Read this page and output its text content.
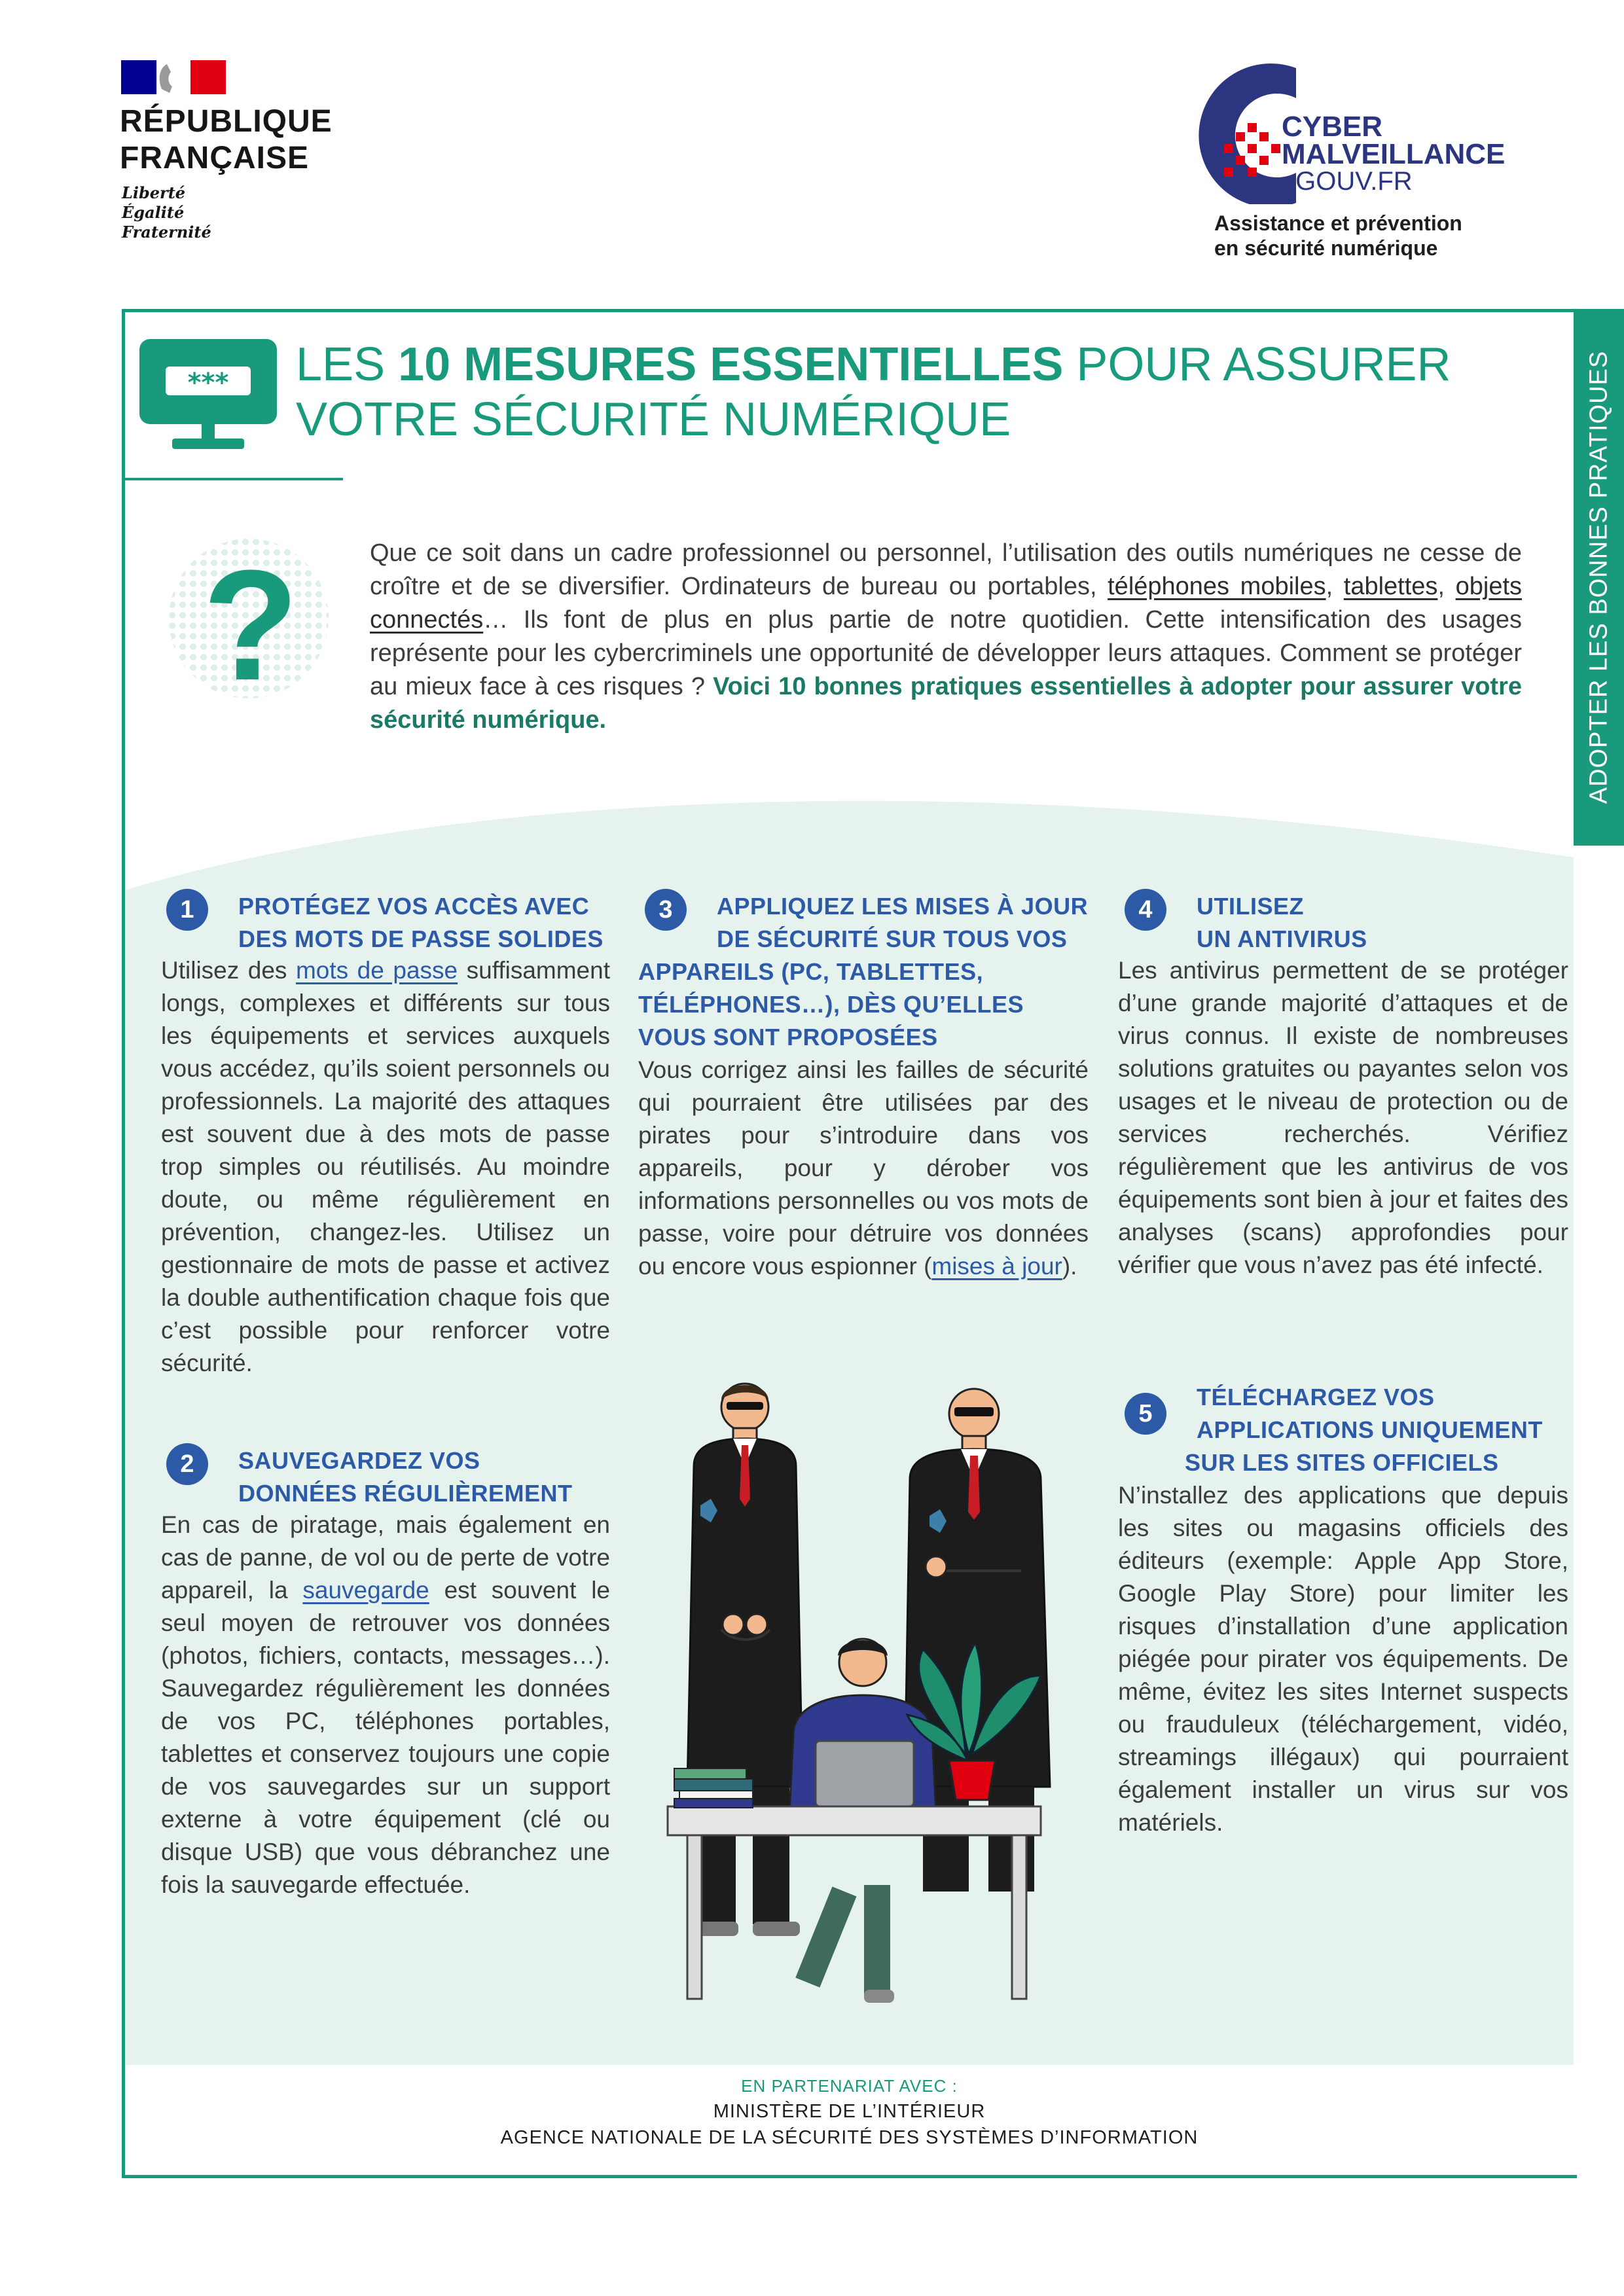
RÉPUBLIQUE
FRANÇAISE
Liberté
Égalité
Fraternité
CYBER
MALVEILLANCE
.GOUV.FR
Assistance et prévention
en sécurité numérique
ADOPTER LES BONNES PRATIQUES
*** LES 10 MESURES ESSENTIELLES POUR ASSURER
VOTRE SÉCURITÉ NUMÉRIQUE
?	Que ce soit dans un cadre professionnel ou personnel, l’utilisation des outils numériques ne cesse de croître et de se diversifier. Ordinateurs de bureau ou portables, téléphones mobiles, tablettes, objets connectés… Ils font de plus en plus partie de notre quotidien. Cette intensification des usages représente pour les cybercriminels une opportunité de développer leurs attaques. Comment se protéger au mieux face à ces risques ? Voici 10 bonnes pratiques essentielles à adopter pour assurer votre sécurité numérique.
1	PROTÉGEZ VOS ACCÈS AVEC
DES MOTS DE PASSE SOLIDES
Utilisez des mots de passe suffisamment longs, complexes et différents sur tous les équipements et services auxquels vous accédez, qu’ils soient personnels ou professionnels. La majorité des attaques est souvent due à des mots de passe trop simples ou réutilisés. Au moindre doute, ou même régulièrement en prévention, changez-les. Utilisez un gestionnaire de mots de passe et activez la double authentification chaque fois que c’est possible pour renforcer votre sécurité.
2	SAUVEGARDEZ VOS
DONNÉES RÉGULIÈREMENT
En cas de piratage, mais également en cas de panne, de vol ou de perte de votre appareil, la sauvegarde est souvent le seul moyen de retrouver vos données (photos, fichiers, contacts, messages…). Sauvegardez régulièrement les données de vos PC, téléphones portables, tablettes et conservez toujours une copie de vos sauvegardes sur un support externe à votre équipement (clé ou disque USB) que vous débranchez une fois la sauvegarde effectuée.
3	APPLIQUEZ LES MISES À JOUR
DE SÉCURITÉ SUR TOUS VOS
APPAREILS (PC, TABLETTES,
TÉLÉPHONES…), DÈS QU’ELLES
VOUS SONT PROPOSÉES
Vous corrigez ainsi les failles de sécurité qui pourraient être utilisées par des pirates pour s’introduire dans vos appareils, pour y dérober vos informations personnelles ou vos mots de passe, voire pour détruire vos données ou encore vous espionner (mises à jour).
4	UTILISEZ
UN ANTIVIRUS
Les antivirus permettent de se protéger d’une grande majorité d’attaques et de virus connus. Il existe de nombreuses solutions gratuites ou payantes selon vos usages et le niveau de protection ou de services recherchés. Vérifiez régulièrement que les antivirus de vos équipements sont bien à jour et faites des analyses (scans) approfondies pour vérifier que vous n’avez pas été infecté.
5
TÉLÉCHARGEZ VOS
APPLICATIONS UNIQUEMENT
SUR LES SITES OFFICIELS
N’installez des applications que depuis les sites ou magasins officiels des éditeurs (exemple: Apple App Store, Google Play Store) pour limiter les risques d’installation d’une application piégée pour pirater vos équipements. De même, évitez les sites Internet suspects ou frauduleux (téléchargement, vidéo, streamings illégaux) qui pourraient également installer un virus sur vos matériels.
EN PARTENARIAT AVEC :
MINISTÈRE DE L’INTÉRIEUR
AGENCE NATIONALE DE LA SÉCURITÉ DES SYSTÈMES D’INFORMATION
